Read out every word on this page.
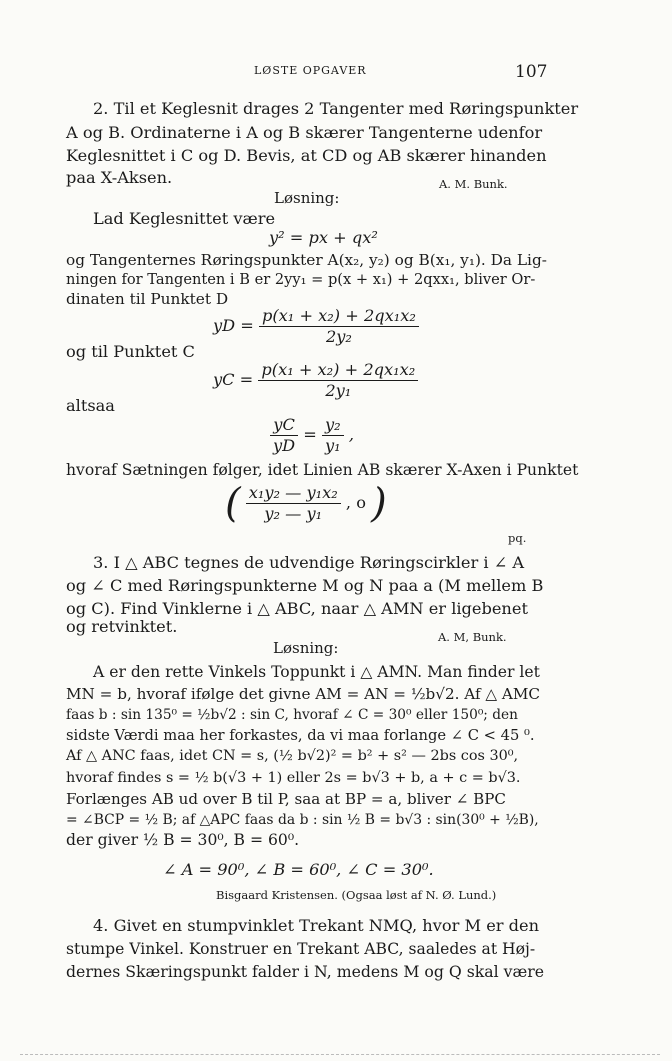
LØSTE OPGAVER	107
2. Til et Keglesnit drages 2 Tangenter med Røringspunkter
A og B. Ordinaterne i A og B skærer Tangenterne udenfor
Keglesnittet i C og D. Bevis, at CD og AB skærer hinanden
paa X-Aksen.	A. M. Bunk.
Løsning:
Lad Keglesnittet være
y² = px + qx²
og Tangenternes Røringspunkter A(x₂, y₂) og B(x₁, y₁). Da Lig-
ningen for Tangenten i B er 2yy₁ = p(x + x₁) + 2qxx₁, bliver Or-
dinaten til Punktet D
yD = $\frac{\text{p(x₁ + x₂) + 2qx₁x₂}}{\text{2y₂}}$
og til Punktet C
yC = $\frac{\text{p(x₁ + x₂) + 2qx₁x₂}}{\text{2y₁}}$
altsaa
$\frac{yC}{yD} = \frac{\text{y₂}}{\text{y₁}}$ ,
hvoraf Sætningen følger, idet Linien AB skærer X-Axen i Punktet
( $\frac{\text{x₁y₂ — y₁x₂}}{\text{y₂ — y₁}}$ , o )
pq.
3. I △ ABC tegnes de udvendige Røringscirkler i ∠ A
og ∠ C med Røringspunkterne M og N paa a (M mellem B
og C). Find Vinklerne i △ ABC, naar △ AMN er ligebenet
og retvinktet.
A. M, Bunk.
Løsning:
A er den rette Vinkels Toppunkt i △ AMN. Man finder let
MN = b, hvoraf ifølge det givne AM = AN = ½b√2. Af △ AMC
faas b : sin 135⁰ = ½b√2 : sin C, hvoraf ∠ C = 30⁰ eller 150⁰; den
sidste Værdi maa her forkastes, da vi maa forlange ∠ C < 45 ⁰.
Af △ ANC faas, idet CN = s, (½ b√2)² = b² + s² — 2bs cos 30⁰,
hvoraf findes s = ½ b(√3 + 1) eller 2s = b√3 + b, a + c = b√3.
Forlænges AB ud over B til P, saa at BP = a, bliver ∠ BPC
= ∠BCP = ½ B; af △APC faas da b : sin ½ B = b√3 : sin(30⁰ + ½B),
der giver ½ B = 30⁰, B = 60⁰.
∠ A = 90⁰, ∠ B = 60⁰, ∠ C = 30⁰.
Bisgaard Kristensen. (Ogsaa løst af N. Ø. Lund.)
4. Givet en stumpvinklet Trekant NMQ, hvor M er den
stumpe Vinkel. Konstruer en Trekant ABC, saaledes at Høj-
dernes Skæringspunkt falder i N, medens M og Q skal være
